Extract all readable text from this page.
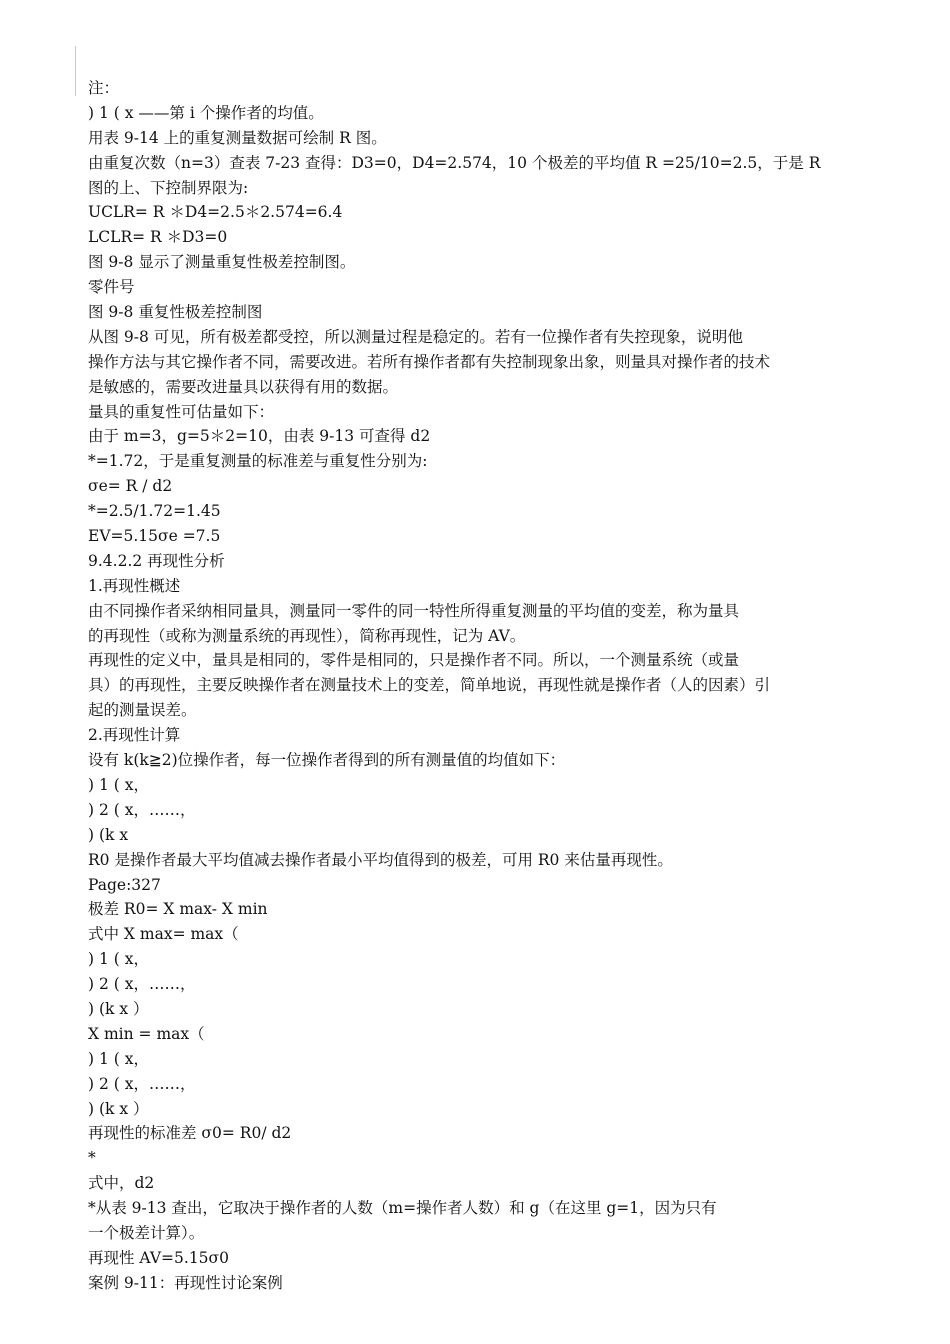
注：
) 1 ( x ——第 i 个操作者的均值。
用表 9-14 上的重复测量数据可绘制 R 图。
由重复次数（n=3）查表 7-23 查得：D3=0，D4=2.574，10 个极差的平均值 R =25/10=2.5，于是 R
图的上、下控制界限为:
UCLR= R ＊D4=2.5＊2.574=6.4
LCLR= R ＊D3=0
图 9-8 显示了测量重复性极差控制图。
零件号
图 9-8 重复性极差控制图
从图 9-8 可见，所有极差都受控，所以测量过程是稳定的。若有一位操作者有失控现象，说明他
操作方法与其它操作者不同，需要改进。若所有操作者都有失控制现象出象，则量具对操作者的技术
是敏感的，需要改进量具以获得有用的数据。
量具的重复性可估量如下：
由于 m=3，g=5＊2=10，由表 9-13 可查得 d2
*=1.72，于是重复测量的标准差与重复性分别为:
σe= R / d2
*=2.5/1.72=1.45
EV=5.15σe =7.5
9.4.2.2 再现性分析
1.再现性概述
由不同操作者采纳相同量具，测量同一零件的同一特性所得重复测量的平均值的变差，称为量具
的再现性（或称为测量系统的再现性），简称再现性，记为 AV。
再现性的定义中，量具是相同的，零件是相同的，只是操作者不同。所以，一个测量系统（或量
具）的再现性，主要反映操作者在测量技术上的变差，简单地说，再现性就是操作者（人的因素）引
起的测量误差。
2.再现性计算
设有 k(k≧2)位操作者，每一位操作者得到的所有测量值的均值如下：
) 1 ( x，
) 2 ( x，……，
) (k x
R0 是操作者最大平均值减去操作者最小平均值得到的极差，可用 R0 来估量再现性。
Page:327
极差 R0= X max- X min
式中 X max= max（
) 1 ( x，
) 2 ( x，……，
) (k x ）
X min = max（
) 1 ( x，
) 2 ( x，……，
) (k x ）
再现性的标准差 σ0= R0/ d2
*
式中，d2
*从表 9-13 查出，它取决于操作者的人数（m=操作者人数）和 g（在这里 g=1，因为只有
一个极差计算）。
再现性 AV=5.15σ0
案例 9-11：再现性讨论案例
